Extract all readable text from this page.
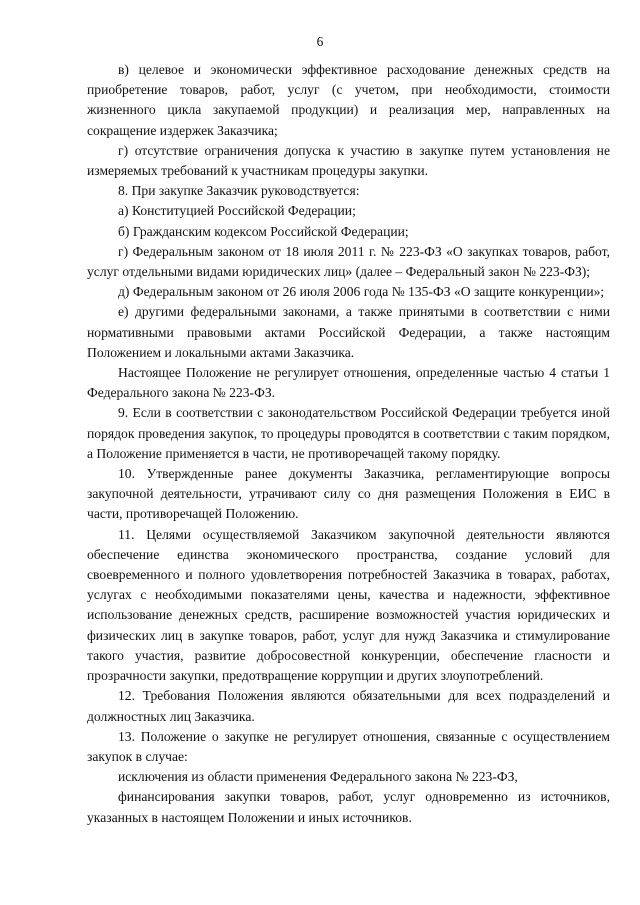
6

в) целевое и экономически эффективное расходование денежных средств на приобретение товаров, работ, услуг (с учетом, при необходимости, стоимости жизненного цикла закупаемой продукции) и реализация мер, направленных на сокращение издержек Заказчика;

г) отсутствие ограничения допуска к участию в закупке путем установления не измеряемых требований к участникам процедуры закупки.

8. При закупке Заказчик руководствуется:

а) Конституцией Российской Федерации;

б) Гражданским кодексом Российской Федерации;

г) Федеральным законом от 18 июля 2011 г. № 223-ФЗ «О закупках товаров, работ, услуг отдельными видами юридических лиц» (далее – Федеральный закон № 223-ФЗ);

д) Федеральным законом от 26 июля 2006 года № 135-ФЗ «О защите конкуренции»;

е) другими федеральными законами, а также принятыми в соответствии с ними нормативными правовыми актами Российской Федерации, а также настоящим Положением и локальными актами Заказчика.

Настоящее Положение не регулирует отношения, определенные частью 4 статьи 1 Федерального закона № 223-ФЗ.

9. Если в соответствии с законодательством Российской Федерации требуется иной порядок проведения закупок, то процедуры проводятся в соответствии с таким порядком, а Положение применяется в части, не противоречащей такому порядку.

10. Утвержденные ранее документы Заказчика, регламентирующие вопросы закупочной деятельности, утрачивают силу со дня размещения Положения в ЕИС в части, противоречащей Положению.

11. Целями осуществляемой Заказчиком закупочной деятельности являются обеспечение единства экономического пространства, создание условий для своевременного и полного удовлетворения потребностей Заказчика в товарах, работах, услугах с необходимыми показателями цены, качества и надежности, эффективное использование денежных средств, расширение возможностей участия юридических и физических лиц в закупке товаров, работ, услуг для нужд Заказчика и стимулирование такого участия, развитие добросовестной конкуренции, обеспечение гласности и прозрачности закупки, предотвращение коррупции и других злоупотреблений.

12. Требования Положения являются обязательными для всех подразделений и должностных лиц Заказчика.

13. Положение о закупке не регулирует отношения, связанные с осуществлением закупок в случае:

исключения из области применения Федерального закона № 223-ФЗ,

финансирования закупки товаров, работ, услуг одновременно из источников, указанных в настоящем Положении и иных источников.
